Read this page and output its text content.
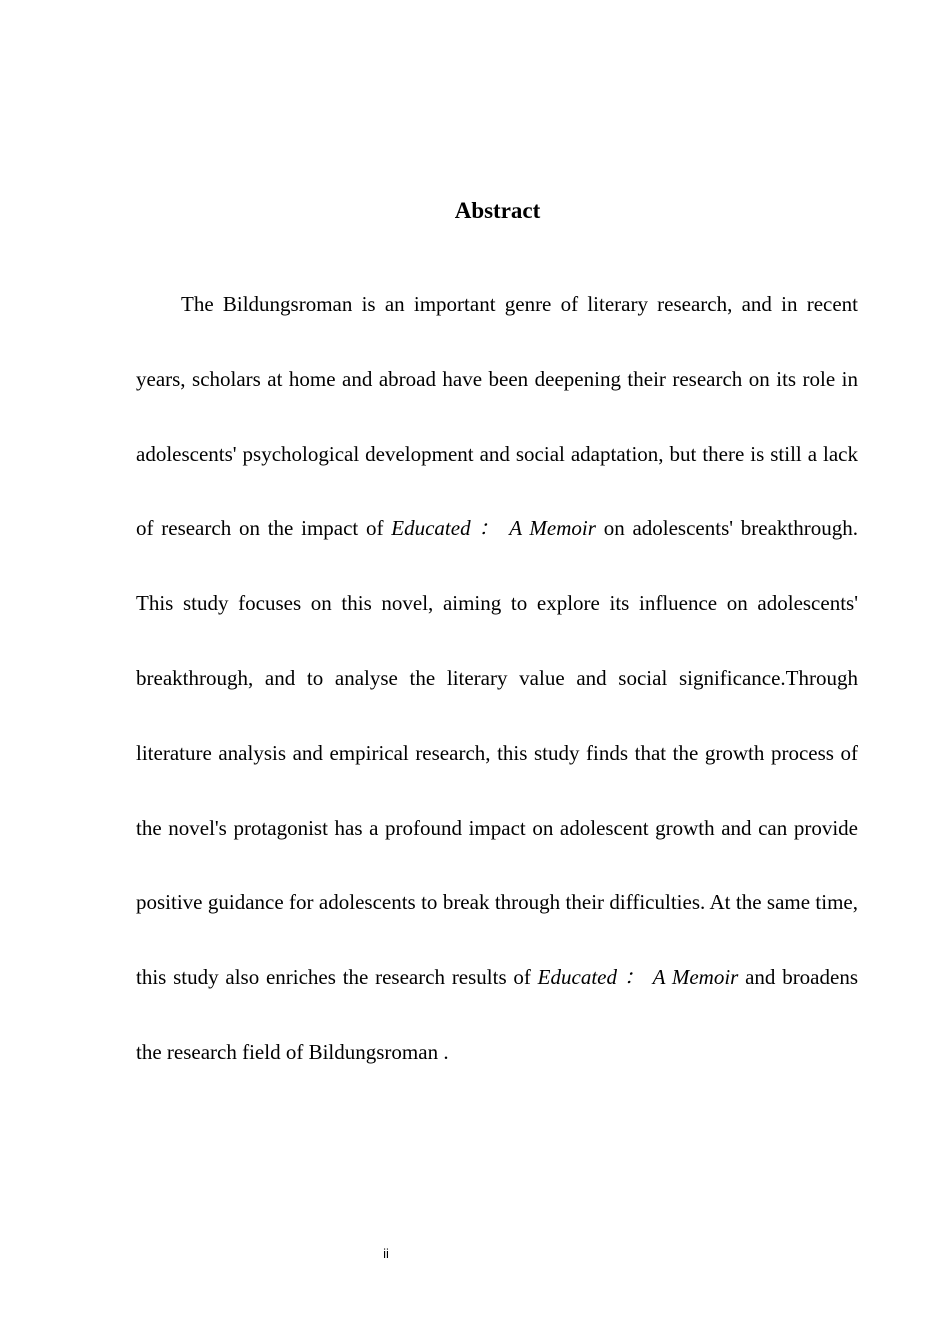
Abstract

The Bildungsroman is an important genre of literary research, and in recent years, scholars at home and abroad have been deepening their research on its role in adolescents' psychological development and social adaptation, but there is still a lack of research on the impact of Educated ： A Memoir on adolescents' breakthrough. This study focuses on this novel, aiming to explore its influence on adolescents' breakthrough, and to analyse the literary value and social significance.Through literature analysis and empirical research, this study finds that the growth process of the novel's protagonist has a profound impact on adolescent growth and can provide positive guidance for adolescents to break through their difficulties. At the same time, this study also enriches the research results of Educated ： A Memoir and broadens the research field of Bildungsroman .

ii
